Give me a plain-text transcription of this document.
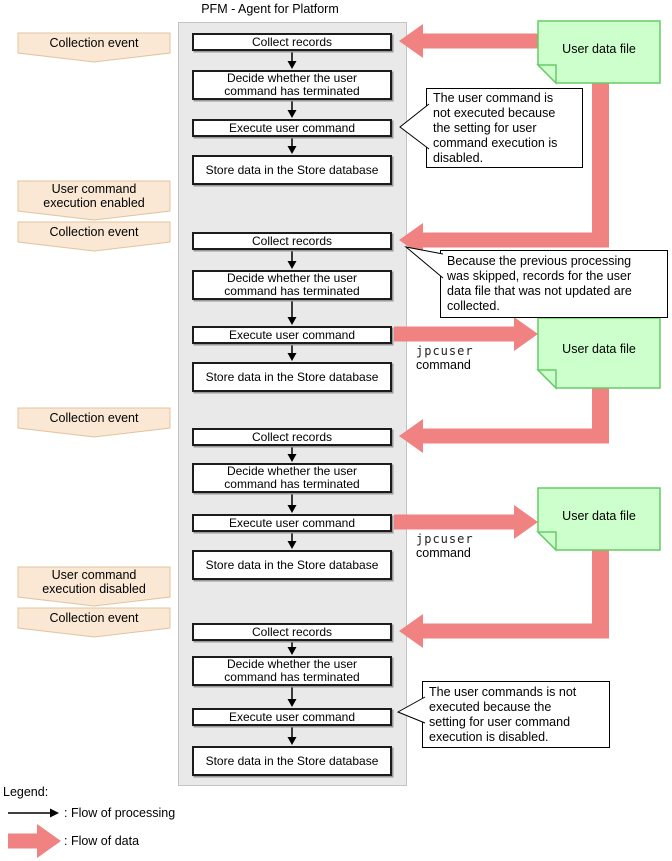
PFM - Agent for Platform
Collect records
Decide whether the user command has terminated
Execute user command
Store data in the Store database
Collect records
Decide whether the user command has terminated
Execute user command
Store data in the Store database
Collect records
Decide whether the user command has terminated
Execute user command
Store data in the Store database
Collect records
Decide whether the user command has terminated
Execute user command
Store data in the Store database
Collection event
User command execution enabled
Collection event
Collection event
User command execution disabled
Collection event
User data file
User data file
User data file
The user command is
not executed because
the setting for user
command execution is
disabled.
Because the previous processing
was skipped, records for the user
data file that was not updated are
collected.
The user commands is not
executed because the
setting for user command
execution is disabled.
jpcuser
command
jpcuser
command
Legend:
: Flow of processing
: Flow of data
